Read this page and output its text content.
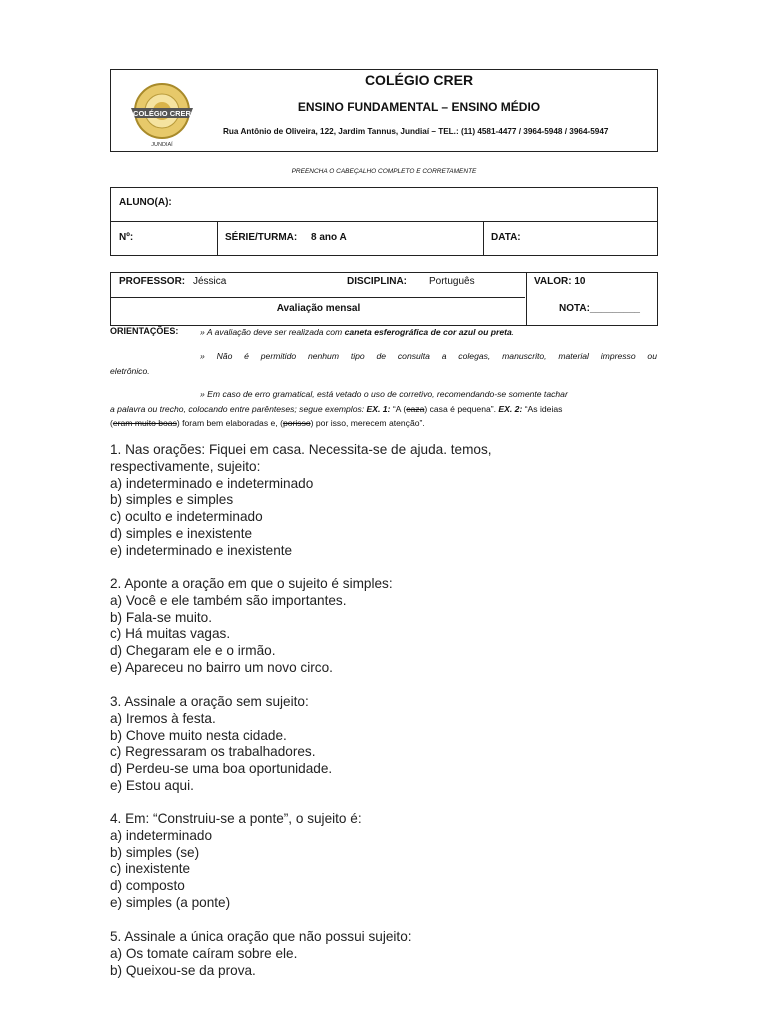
COLÉGIO CRER
JUNDIAÍ
COLÉGIO CRER
ENSINO FUNDAMENTAL – ENSINO MÉDIO
Rua Antônio de Oliveira, 122, Jardim Tannus, Jundiaí – TEL.: (11) 4581-4477 / 3964-5948 / 3964-5947
PREENCHA O CABEÇALHO COMPLETO E CORRETAMENTE
ALUNO(A):
Nº:	SÉRIE/TURMA: 8 ano A	DATA:
PROFESSOR: Jéssica	DISCIPLINA: Português	VALOR: 10
Avaliação mensal	NOTA:_________
ORIENTAÇÕES:	» A avaliação deve ser realizada com caneta esferográfica de cor azul ou preta.
» Não é permitido nenhum tipo de consulta a colegas, manuscrito, material impresso ou
eletrônico.
» Em caso de erro gramatical, está vetado o uso de corretivo, recomendando-se somente tachar
a palavra ou trecho, colocando entre parênteses; segue exemplos: EX. 1: “A (caza) casa é pequena”. EX. 2: “As ideias
(eram muito boas) foram bem elaboradas e, (porisso) por isso, merecem atenção”.
1. Nas orações: Fiquei em casa. Necessita-se de ajuda. temos,
respectivamente, sujeito:
a) indeterminado e indeterminado
b) simples e simples
c) oculto e indeterminado
d) simples e inexistente
e) indeterminado e inexistente
2. Aponte a oração em que o sujeito é simples:
a) Você e ele também são importantes.
b) Fala-se muito.
c) Há muitas vagas.
d) Chegaram ele e o irmão.
e) Apareceu no bairro um novo circo.
3. Assinale a oração sem sujeito:
a) Iremos à festa.
b) Chove muito nesta cidade.
c) Regressaram os trabalhadores.
d) Perdeu-se uma boa oportunidade.
e) Estou aqui.
4. Em: “Construiu-se a ponte”, o sujeito é:
a) indeterminado
b) simples (se)
c) inexistente
d) composto
e) simples (a ponte)
5. Assinale a única oração que não possui sujeito:
a) Os tomate caíram sobre ele.
b) Queixou-se da prova.
